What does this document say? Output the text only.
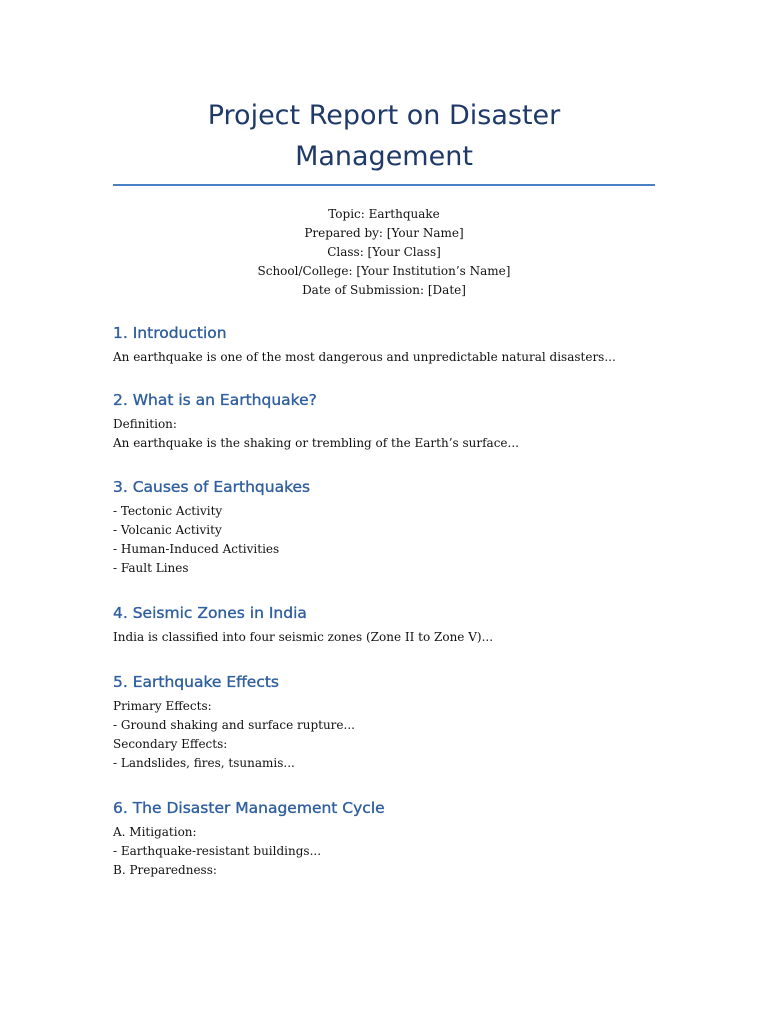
Project Report on Disaster
Management
Topic: Earthquake
Prepared by: [Your Name]
Class: [Your Class]
School/College: [Your Institution’s Name]
Date of Submission: [Date]
1. Introduction
An earthquake is one of the most dangerous and unpredictable natural disasters...
2. What is an Earthquake?
Definition:
An earthquake is the shaking or trembling of the Earth’s surface...
3. Causes of Earthquakes
- Tectonic Activity
- Volcanic Activity
- Human-Induced Activities
- Fault Lines
4. Seismic Zones in India
India is classified into four seismic zones (Zone II to Zone V)...
5. Earthquake Effects
Primary Effects:
- Ground shaking and surface rupture...
Secondary Effects:
- Landslides, fires, tsunamis...
6. The Disaster Management Cycle
A. Mitigation:
- Earthquake-resistant buildings...
B. Preparedness:
